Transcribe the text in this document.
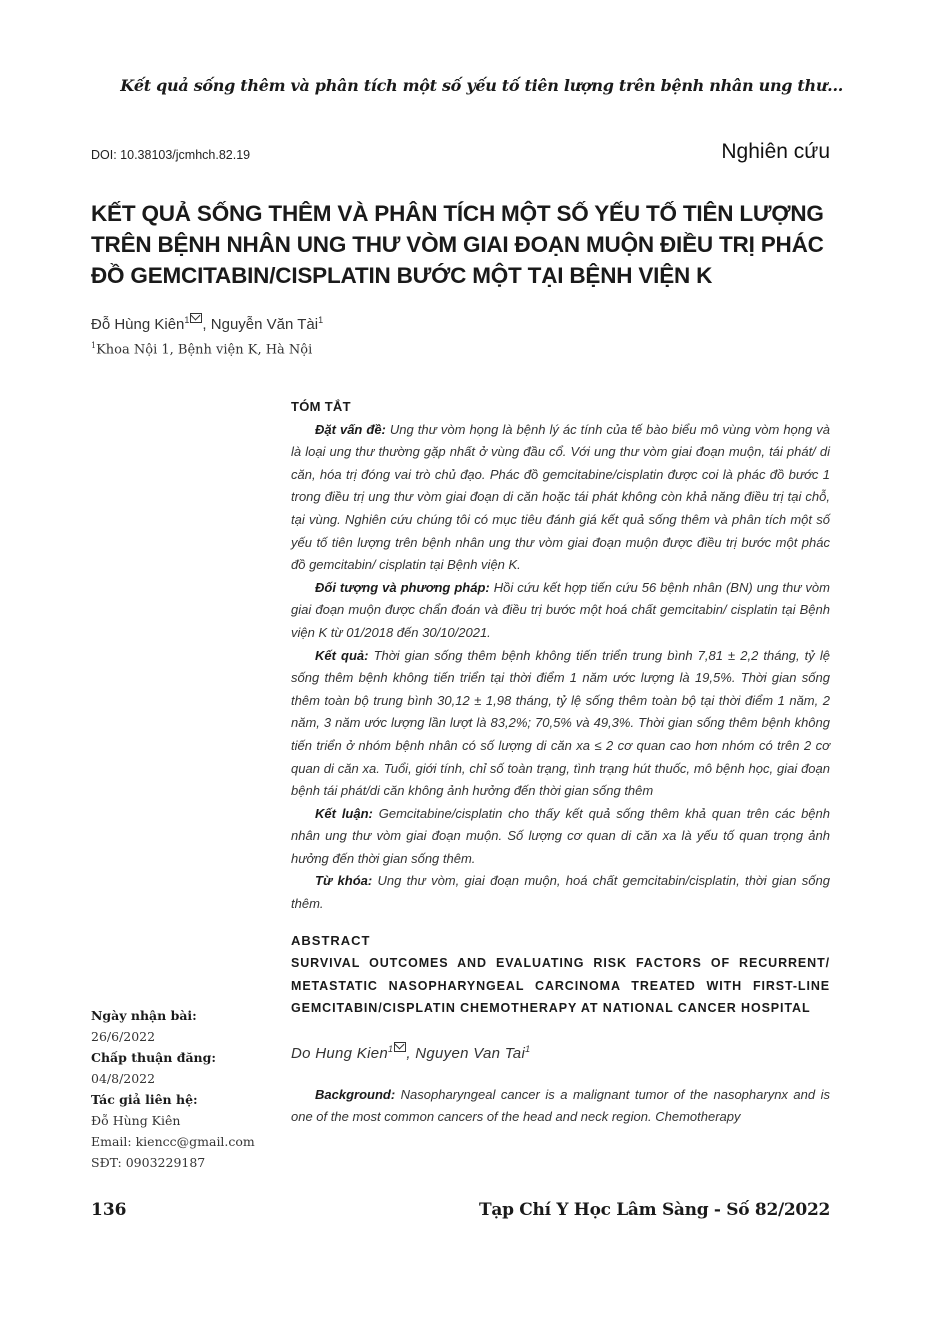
Kết quả sống thêm và phân tích một số yếu tố tiên lượng trên bệnh nhân ung thư...
DOI: 10.38103/jcmhch.82.19	Nghiên cứu
KẾT QUẢ SỐNG THÊM VÀ PHÂN TÍCH MỘT SỐ YẾU TỐ TIÊN LƯỢNG
TRÊN BỆNH NHÂN UNG THƯ VÒM GIAI ĐOẠN MUỘN ĐIỀU TRỊ PHÁC
ĐỒ GEMCITABIN/CISPLATIN BƯỚC MỘT TẠI BỆNH VIỆN K
Đỗ Hùng Kiên$^1$ , Nguyễn Văn Tài$^1$
$^1$Khoa Nội 1, Bệnh viện K, Hà Nội
TÓM TẮT

Đặt vấn đề: Ung thư vòm họng là bệnh lý ác tính của tế bào biểu mô vùng vòm họng và là loại ung thư thường gặp nhất ở vùng đầu cổ. Với ung thư vòm giai đoạn muộn, tái phát/ di căn, hóa trị đóng vai trò chủ đạo. Phác đồ gemcitabine/cisplatin được coi là phác đồ bước 1 trong điều trị ung thư vòm giai đoạn di căn hoặc tái phát không còn khả năng điều trị tại chỗ, tại vùng. Nghiên cứu chúng tôi có mục tiêu đánh giá kết quả sống thêm và phân tích một số yếu tố tiên lượng trên bệnh nhân ung thư vòm giai đoạn muộn được điều trị bước một phác đồ gemcitabin/ cisplatin tại Bệnh viện K.

Đối tượng và phương pháp: Hồi cứu kết hợp tiến cứu 56 bệnh nhân (BN) ung thư vòm giai đoạn muộn được chẩn đoán và điều trị bước một hoá chất gemcitabin/ cisplatin tại Bệnh viện K từ 01/2018 đến 30/10/2021.

Kết quả: Thời gian sống thêm bệnh không tiến triển trung bình 7,81 ± 2,2 tháng, tỷ lệ sống thêm bệnh không tiến triển tại thời điểm 1 năm ước lượng là 19,5%. Thời gian sống thêm toàn bộ trung bình 30,12 ± 1,98 tháng, tỷ lệ sống thêm toàn bộ tại thời điểm 1 năm, 2 năm, 3 năm ước lượng lần lượt là 83,2%; 70,5% và 49,3%. Thời gian sống thêm bệnh không tiến triển ở nhóm bệnh nhân có số lượng di căn xa ≤ 2 cơ quan cao hơn nhóm có trên 2 cơ quan di căn xa. Tuổi, giới tính, chỉ số toàn trạng, tình trạng hút thuốc, mô bệnh học, giai đoạn bệnh tái phát/di căn không ảnh hưởng đến thời gian sống thêm

Kết luận: Gemcitabine/cisplatin cho thấy kết quả sống thêm khả quan trên các bệnh nhân ung thư vòm giai đoạn muộn. Số lượng cơ quan di căn xa là yếu tố quan trọng ảnh hưởng đến thời gian sống thêm.

Từ khóa: Ung thư vòm, giai đoạn muộn, hoá chất gemcitabin/cisplatin, thời gian sống thêm.

ABSTRACT
SURVIVAL OUTCOMES AND EVALUATING RISK FACTORS OF RECURRENT/ METASTATIC NASOPHARYNGEAL CARCINOMA TREATED WITH FIRST-LINE GEMCITABIN/CISPLATIN CHEMOTHERAPY AT NATIONAL CANCER HOSPITAL
Do Hung Kien$^1$ , Nguyen Van Tai$^1$

Background: Nasopharyngeal cancer is a malignant tumor of the nasopharynx and is one of the most common cancers of the head and neck region. Chemotherapy

Ngày nhận bài:
26/6/2022
Chấp thuận đăng:
04/8/2022
Tác giả liên hệ:
Đỗ Hùng Kiên
Email: kiencc@gmail.com
SĐT: 0903229187
136	Tạp Chí Y Học Lâm Sàng - Số 82/2022
